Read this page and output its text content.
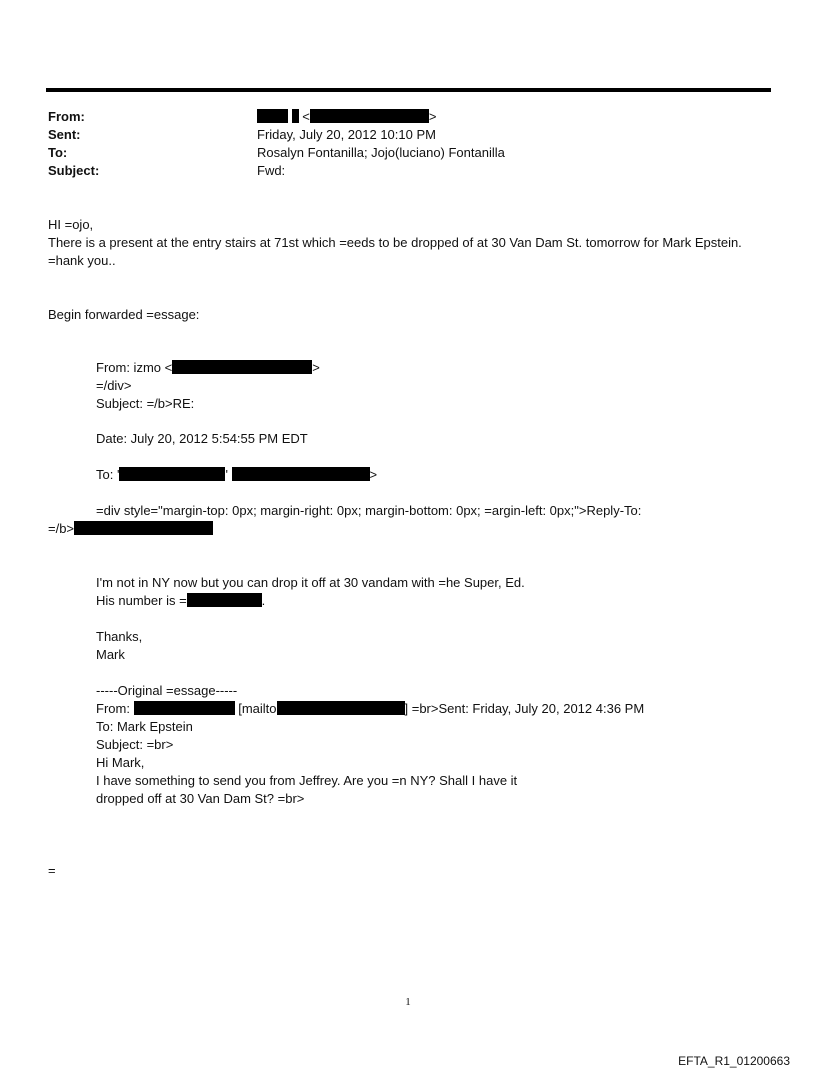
From:	<	>
Sent:	Friday, July 20, 2012 10:10 PM
To:	Rosalyn Fontanilla; Jojo(luciano) Fontanilla
Subject:	Fwd:
HI =ojo,
There is a present at the entry stairs at 71st which =eeds to be dropped of at 30 Van Dam St. tomorrow for Mark Epstein. =hank you..
Begin forwarded =essage:
From: izmo <	>
=/div>
Subject: =/b>RE:
Date: July 20, 2012 5:54:55 PM EDT
To: '	'	>
=div style="margin-top: 0px; margin-right: 0px; margin-bottom: 0px; =argin-left: 0px;">Reply-To:
=/b>
I'm not in NY now but you can drop it off at 30 vandam with =he Super, Ed.
His number is =	.
Thanks,
Mark
-----Original =essage-----
From:	[mailto	] =br>Sent: Friday, July 20, 2012 4:36 PM
To: Mark Epstein
Subject: =br>
Hi Mark,
I have something to send you from Jeffrey. Are you =n NY? Shall I have it
dropped off at 30 Van Dam St? =br>
=
1
EFTA_R1_01200663
